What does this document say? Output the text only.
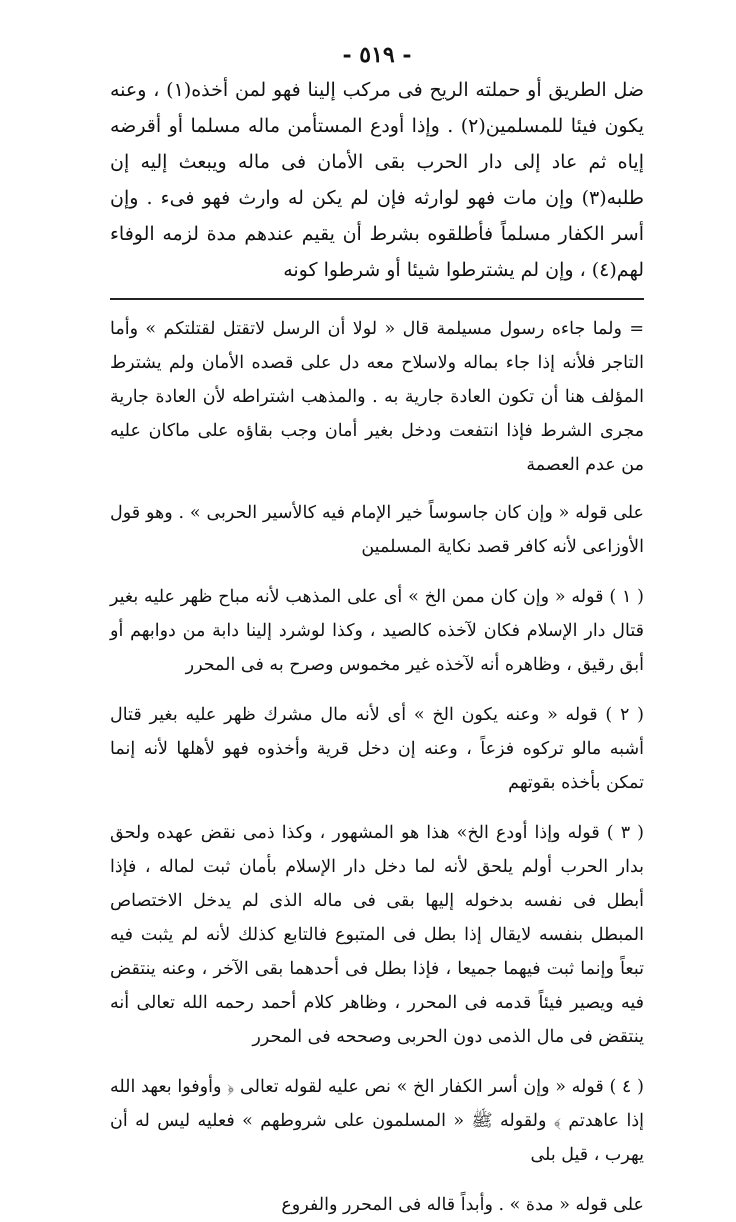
- ٥١٩ -

ضل الطريق أو حملته الريح فى مركب إلينا فهو لمن أخذه(١) ، وعنه يكون فيئا للمسلمين(٢) . وإذا أودع المستأمن ماله مسلما أو أقرضه إياه ثم عاد إلى دار الحرب بقى الأمان فى ماله ويبعث إليه إن طلبه(٣) وإن مات فهو لوارثه فإن لم يكن له وارث فهو فىء . وإن أسر الكفار مسلماً فأطلقوه بشرط أن يقيم عندهم مدة لزمه الوفاء لهم(٤) ، وإن لم يشترطوا شيئا أو شرطوا كونه

= ولما جاءه رسول مسيلمة قال « لولا أن الرسل لاتقتل لقتلتكم » وأما التاجر فلأنه إذا جاء بماله ولاسلاح معه دل على قصده الأمان ولم يشترط المؤلف هنا أن تكون العادة جارية به . والمذهب اشتراطه لأن العادة جارية مجرى الشرط فإذا انتفعت ودخل بغير أمان وجب بقاؤه على ماكان عليه من عدم العصمة

على قوله « وإن كان جاسوساً خير الإمام فيه كالأسير الحربى » . وهو قول الأوزاعى لأنه كافر قصد نكاية المسلمين

( ١ ) قوله « وإن كان ممن الخ » أى على المذهب لأنه مباح ظهر عليه بغير قتال دار الإسلام فكان لآخذه كالصيد ، وكذا لوشرد إلينا دابة من دوابهم أو أبق رقيق ، وظاهره أنه لآخذه غير مخموس وصرح به فى المحرر

( ٢ ) قوله « وعنه يكون الخ » أى لأنه مال مشرك ظهر عليه بغير قتال أشبه مالو تركوه فزعاً ، وعنه إن دخل قرية وأخذوه فهو لأهلها لأنه إنما تمكن بأخذه بقوتهم

( ٣ ) قوله وإذا أودع الخ» هذا هو المشهور ، وكذا ذمى نقض عهده ولحق بدار الحرب أولم يلحق لأنه لما دخل دار الإسلام بأمان ثبت لماله ، فإذا أبطل فى نفسه بدخوله إليها بقى فى ماله الذى لم يدخل الاختصاص المبطل بنفسه لايقال إذا بطل فى المتبوع فالتابع كذلك لأنه لم يثبت فيه تبعاً وإنما ثبت فيهما جميعا ، فإذا بطل فى أحدهما بقى الآخر ، وعنه ينتقض فيه ويصير فيئاً قدمه فى المحرر ، وظاهر كلام أحمد رحمه الله تعالى أنه ينتقض فى مال الذمى دون الحربى وصححه فى المحرر

( ٤ ) قوله « وإن أسر الكفار الخ » نص عليه لقوله تعالى ﴿ وأوفوا بعهد الله إذا عاهدتم ﴾ ولقوله ﷺ « المسلمون على شروطهم » فعليه ليس له أن يهرب ، قيل بلى

على قوله « مدة » . وأبداً قاله فى المحرر والفروع
